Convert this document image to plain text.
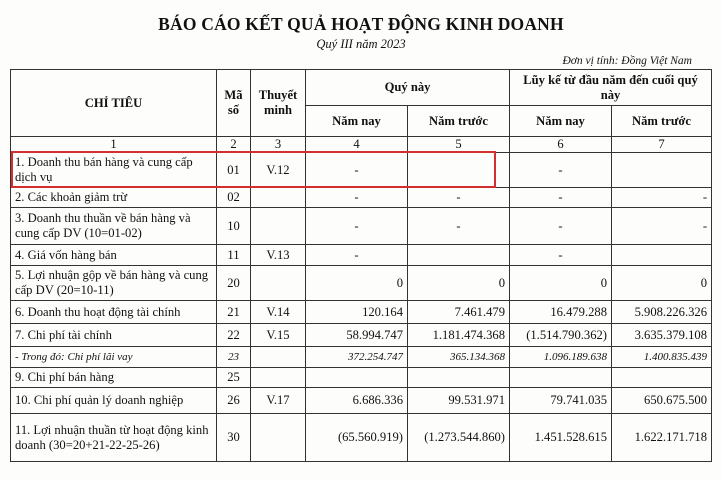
BÁO CÁO KẾT QUẢ HOẠT ĐỘNG KINH DOANH
Quý III năm 2023
Đơn vị tính: Đồng Việt Nam
CHỈ TIÊU	Mã số	Thuyết minh	Quý này		Lũy kế từ đầu năm đến cuối quý này	
			Năm nay	Năm trước	Năm nay	Năm trước
1	2	3	4	5	6	7
1. Doanh thu bán hàng và cung cấp dịch vụ	01	V.12	-		-	
2. Các khoản giảm trừ	02		-	-	-	-
3. Doanh thu thuần về bán hàng và cung cấp DV (10=01-02)	10		-	-	-	-
4. Giá vốn hàng bán	11	V.13	-		-	
5. Lợi nhuận gộp về bán hàng và cung cấp DV (20=10-11)	20		0	0	0	0
6. Doanh thu hoạt động tài chính	21	V.14	120.164	7.461.479	16.479.288	5.908.226.326
7. Chi phí tài chính	22	V.15	58.994.747	1.181.474.368	(1.514.790.362)	3.635.379.108
- Trong đó: Chi phí lãi vay	23		372.254.747	365.134.368	1.096.189.638	1.400.835.439
9. Chi phí bán hàng	25					
10. Chi phí quản lý doanh nghiệp	26	V.17	6.686.336	99.531.971	79.741.035	650.675.500
11. Lợi nhuận thuần từ hoạt động kinh doanh (30=20+21-22-25-26)	30		(65.560.919)	(1.273.544.860)	1.451.528.615	1.622.171.718
